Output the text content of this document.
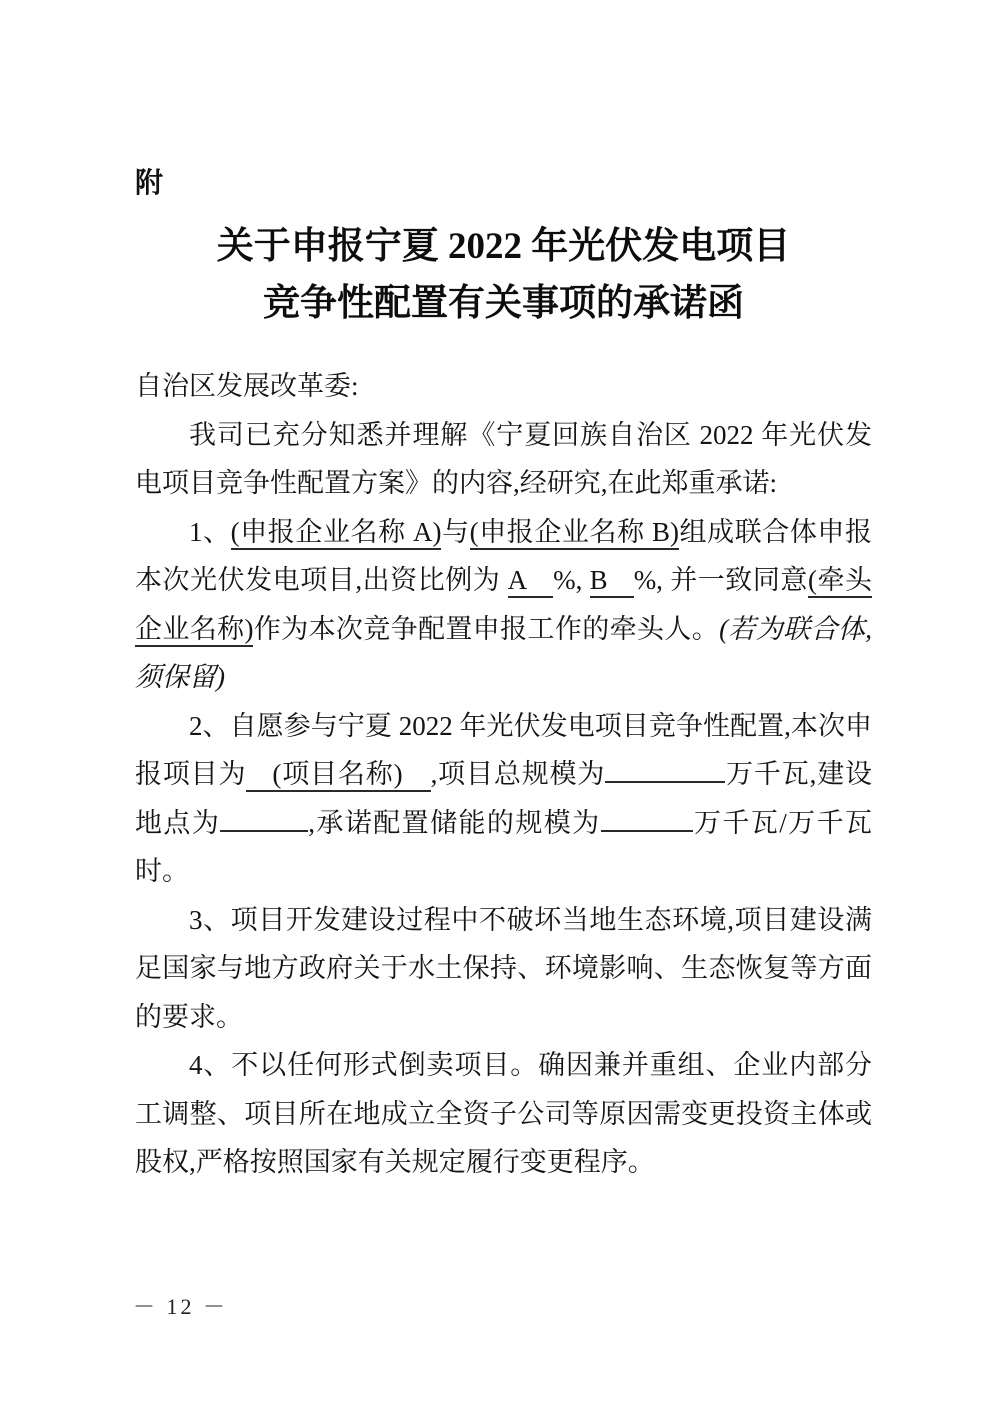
附
关于申报宁夏 2022 年光伏发电项目
竞争性配置有关事项的承诺函

自治区发展改革委:

我司已充分知悉并理解《宁夏回族自治区 2022 年光伏发电项目竞争性配置方案》的内容,经研究,在此郑重承诺:

1、(申报企业名称 A)与(申报企业名称 B)组成联合体申报本次光伏发电项目,出资比例为 A %, B %, 并一致同意(牵头企业名称)作为本次竞争配置申报工作的牵头人。(若为联合体,须保留)

2、自愿参与宁夏 2022 年光伏发电项目竞争性配置,本次申报项目为 (项目名称) ,项目总规模为	万千瓦,建设地点为	,承诺配置储能的规模为	万千瓦/万千瓦时。

3、项目开发建设过程中不破坏当地生态环境,项目建设满足国家与地方政府关于水土保持、环境影响、生态恢复等方面的要求。

4、不以任何形式倒卖项目。确因兼并重组、企业内部分工调整、项目所在地成立全资子公司等原因需变更投资主体或股权,严格按照国家有关规定履行变更程序。

－ 12 －
